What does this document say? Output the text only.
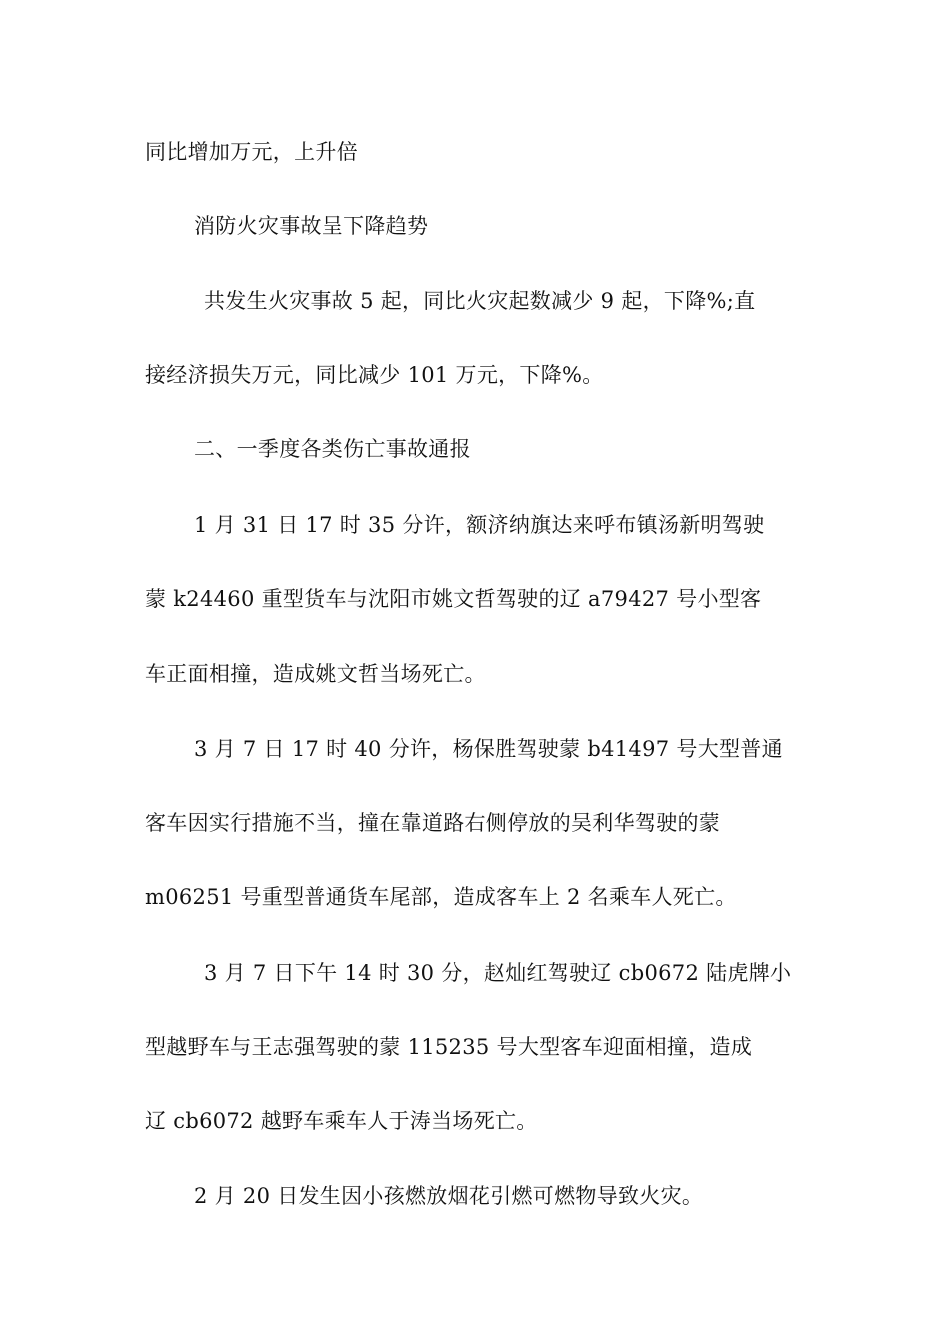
同比增加万元，上升倍
消防火灾事故呈下降趋势
共发生火灾事故 5 起，同比火灾起数减少 9 起，下降%;直
接经济损失万元，同比减少 101 万元，下降%。
二、一季度各类伤亡事故通报
1 月 31 日 17 时 35 分许，额济纳旗达来呼布镇汤新明驾驶
蒙 k24460 重型货车与沈阳市姚文哲驾驶的辽 a79427 号小型客
车正面相撞，造成姚文哲当场死亡。
3 月 7 日 17 时 40 分许，杨保胜驾驶蒙 b41497 号大型普通
客车因实行措施不当，撞在靠道路右侧停放的吴利华驾驶的蒙
m06251 号重型普通货车尾部，造成客车上 2 名乘车人死亡。
3 月 7 日下午 14 时 30 分，赵灿红驾驶辽 cb0672 陆虎牌小
型越野车与王志强驾驶的蒙 115235 号大型客车迎面相撞，造成
辽 cb6072 越野车乘车人于涛当场死亡。
2 月 20 日发生因小孩燃放烟花引燃可燃物导致火灾。
